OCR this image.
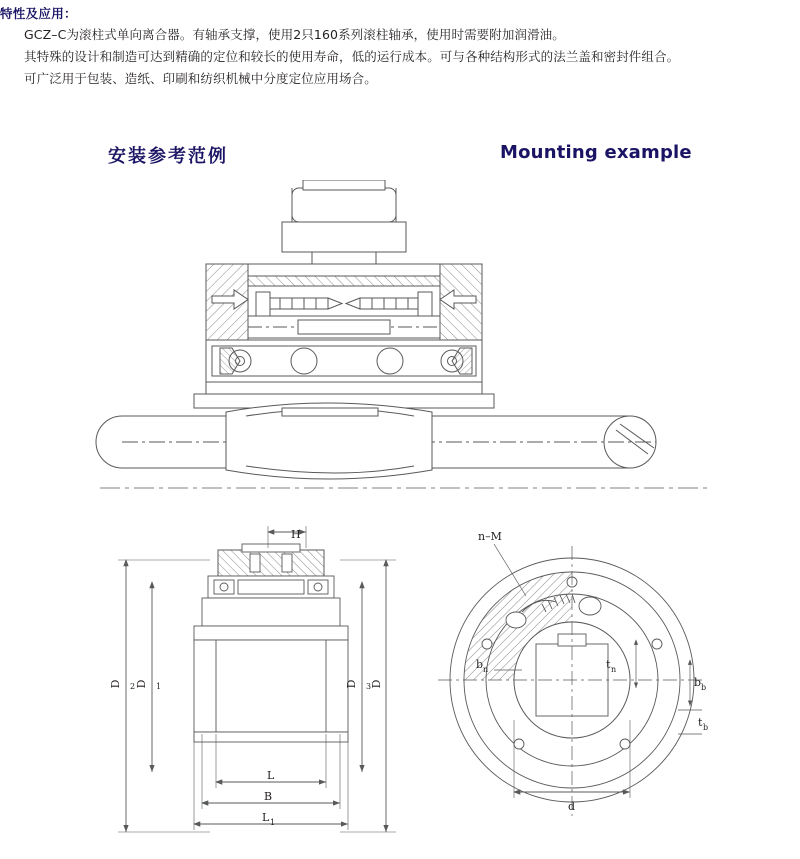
特性及应用：

GCZ–C为滚柱式单向离合器。有轴承支撑，使用2只160系列滚柱轴承，使用时需要附加润滑油。

其特殊的设计和制造可达到精确的定位和较长的使用寿命，低的运行成本。可与各种结构形式的法兰盖和密封件组合。

可广泛用于包装、造纸、印刷和纺织机械中分度定位应用场合。

安装参考范例	Mounting example
H
D 2 D 1	D 3
D
L
B
L 1
n–M
b n	t n
b b
t b
d
